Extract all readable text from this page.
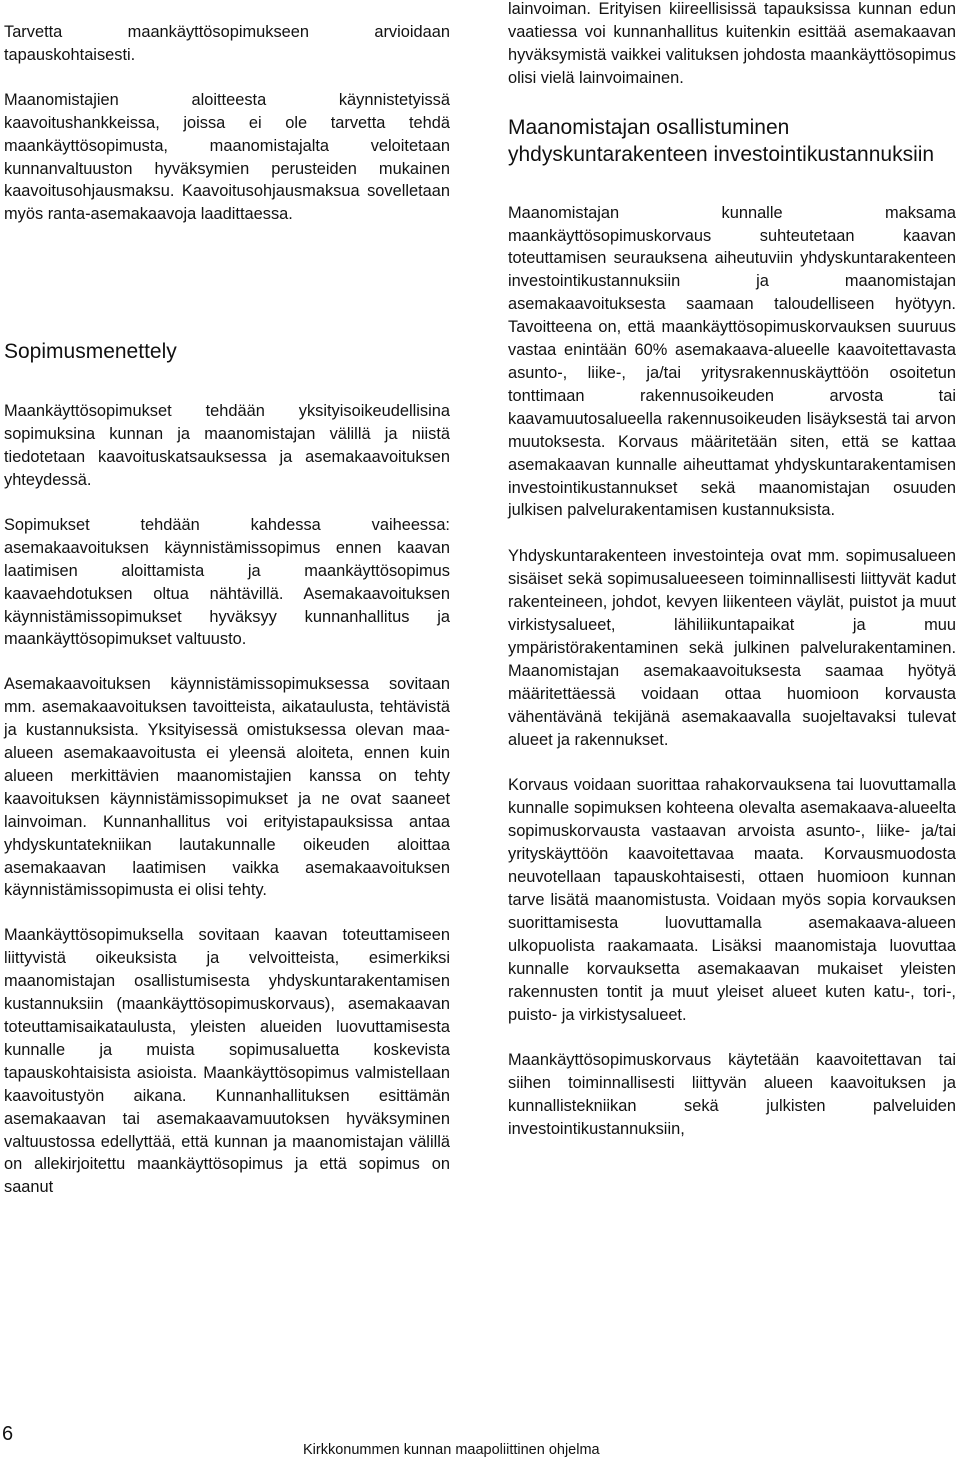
Tarvetta maankäyttösopimukseen arvioidaan tapauskohtaisesti.

Maanomistajien aloitteesta käynnistetyissä kaavoitushankkeissa, joissa ei ole tarvetta tehdä maankäyttösopimusta, maanomistajalta veloitetaan kunnanvaltuuston hyväksymien perusteiden mukainen kaavoitusohjausmaksu. Kaavoitusohjausmaksua sovelletaan myös ranta-asemakaavoja laadittaessa.

Sopimusmenettely

Maankäyttösopimukset tehdään yksityisoikeudellisina sopimuksina kunnan ja maanomistajan välillä ja niistä tiedotetaan kaavoituskatsauksessa ja asemakaavoituksen yhteydessä.

Sopimukset tehdään kahdessa vaiheessa: asemakaavoituksen käynnistämissopimus ennen kaavan laatimisen aloittamista ja maankäyttösopimus kaavaehdotuksen oltua nähtävillä. Asemakaavoituksen käynnistämissopimukset hyväksyy kunnanhallitus ja maankäyttösopimukset valtuusto.

Asemakaavoituksen käynnistämissopimuksessa sovitaan mm. asemakaavoituksen tavoitteista, aikataulusta, tehtävistä ja kustannuksista. Yksityisessä omistuksessa olevan maa-alueen asemakaavoitusta ei yleensä aloiteta, ennen kuin alueen merkittävien maanomistajien kanssa on tehty kaavoituksen käynnistämissopimukset ja ne ovat saaneet lainvoiman. Kunnanhallitus voi erityistapauksissa antaa yhdyskuntatekniikan lautakunnalle oikeuden aloittaa asemakaavan laatimisen vaikka asemakaavoituksen käynnistämissopimusta ei olisi tehty.

Maankäyttösopimuksella sovitaan kaavan toteuttamiseen liittyvistä oikeuksista ja velvoitteista, esimerkiksi maanomistajan osallistumisesta yhdyskuntarakentamisen kustannuksiin (maankäyttösopimuskorvaus), asemakaavan toteuttamisaikataulusta, yleisten alueiden luovuttamisesta kunnalle ja muista sopimusaluetta koskevista tapauskohtaisista asioista. Maankäyttösopimus valmistellaan kaavoitustyön aikana. Kunnanhallituksen esittämän asemakaavan tai asemakaavamuutoksen hyväksyminen valtuustossa edellyttää, että kunnan ja maanomistajan välillä on allekirjoitettu maankäyttösopimus ja että sopimus on saanut

lainvoiman. Erityisen kiireellisissä tapauksissa kunnan edun vaatiessa voi kunnanhallitus kuitenkin esittää asemakaavan hyväksymistä vaikkei valituksen johdosta maankäyttösopimus olisi vielä lainvoimainen.

Maanomistajan osallistuminen yhdyskuntarakenteen investointikustannuksiin

Maanomistajan kunnalle maksama maankäyttösopimuskorvaus suhteutetaan kaavan toteuttamisen seurauksena aiheutuviin yhdyskuntarakenteen investointikustannuksiin ja maanomistajan asemakaavoituksesta saamaan taloudelliseen hyötyyn. Tavoitteena on, että maankäyttösopimuskorvauksen suuruus vastaa enintään 60% asemakaava-alueelle kaavoitettavasta asunto-, liike-, ja/tai yritysrakennuskäyttöön osoitetun tonttimaan rakennusoikeuden arvosta tai kaavamuutosalueella rakennusoikeuden lisäyksestä tai arvon muutoksesta. Korvaus määritetään siten, että se kattaa asemakaavan kunnalle aiheuttamat yhdyskuntarakentamisen investointikustannukset sekä maanomistajan osuuden julkisen palvelurakentamisen kustannuksista.

Yhdyskuntarakenteen investointeja ovat mm. sopimusalueen sisäiset sekä sopimusalueeseen toiminnallisesti liittyvät kadut rakenteineen, johdot, kevyen liikenteen väylät, puistot ja muut virkistysalueet, lähiliikuntapaikat ja muu ympäristörakentaminen sekä julkinen palvelurakentaminen. Maanomistajan asemakaavoituksesta saamaa hyötyä määritettäessä voidaan ottaa huomioon korvausta vähentävänä tekijänä asemakaavalla suojeltavaksi tulevat alueet ja rakennukset.

Korvaus voidaan suorittaa rahakorvauksena tai luovuttamalla kunnalle sopimuksen kohteena olevalta asemakaava-alueelta sopimuskorvausta vastaavan arvoista asunto-, liike- ja/tai yrityskäyttöön kaavoitettavaa maata. Korvausmuodosta neuvotellaan tapauskohtaisesti, ottaen huomioon kunnan tarve lisätä maanomistusta. Voidaan myös sopia korvauksen suorittamisesta luovuttamalla asemakaava-alueen ulkopuolista raakamaata. Lisäksi maanomistaja luovuttaa kunnalle korvauksetta asemakaavan mukaiset yleisten rakennusten tontit ja muut yleiset alueet kuten katu-, tori-, puisto- ja virkistysalueet.

Maankäyttösopimuskorvaus käytetään kaavoitettavan tai siihen toiminnallisesti liittyvän alueen kaavoituksen ja kunnallistekniikan sekä julkisten palveluiden investointikustannuksiin,

6
Kirkkonummen kunnan maapoliittinen ohjelma
